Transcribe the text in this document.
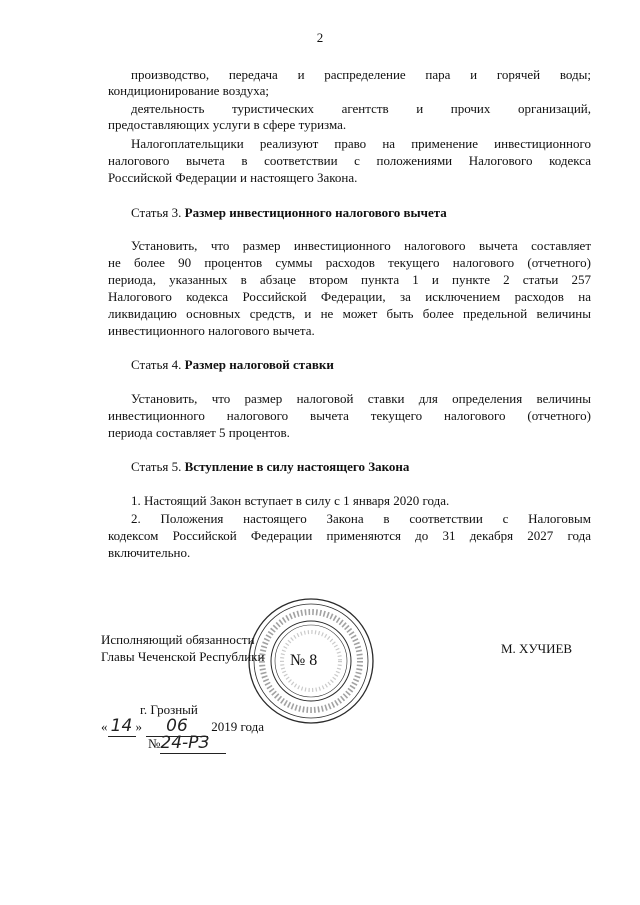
2
производство, передача и распределение пара и горячей воды;
кондиционирование воздуха;
деятельность туристических агентств и прочих организаций,
предоставляющих услуги в сфере туризма.
Налогоплательщики реализуют право на применение инвестиционного
налогового вычета в соответствии с положениями Налогового кодекса
Российской Федерации и настоящего Закона.
Статья 3. Размер инвестиционного налогового вычета
Установить, что размер инвестиционного налогового вычета составляет
не более 90 процентов суммы расходов текущего налогового (отчетного)
периода, указанных в абзаце втором пункта 1 и пункте 2 статьи 257
Налогового кодекса Российской Федерации, за исключением расходов на
ликвидацию основных средств, и не может быть более предельной величины
инвестиционного налогового вычета.
Статья 4. Размер налоговой ставки
Установить, что размер налоговой ставки для определения величины
инвестиционного налогового вычета текущего налогового (отчетного)
периода составляет 5 процентов.
Статья 5. Вступление в силу настоящего Закона
1. Настоящий Закон вступает в силу с 1 января 2020 года.
2. Положения настоящего Закона в соответствии с Налоговым
кодексом Российской Федерации применяются до 31 декабря 2027 года
включительно.
№ 8
Исполняющий обязанности
Главы Чеченской Республики
М. ХУЧИЕВ
г. Грозный
« 14 » 06 2019 года
№24-РЗ
